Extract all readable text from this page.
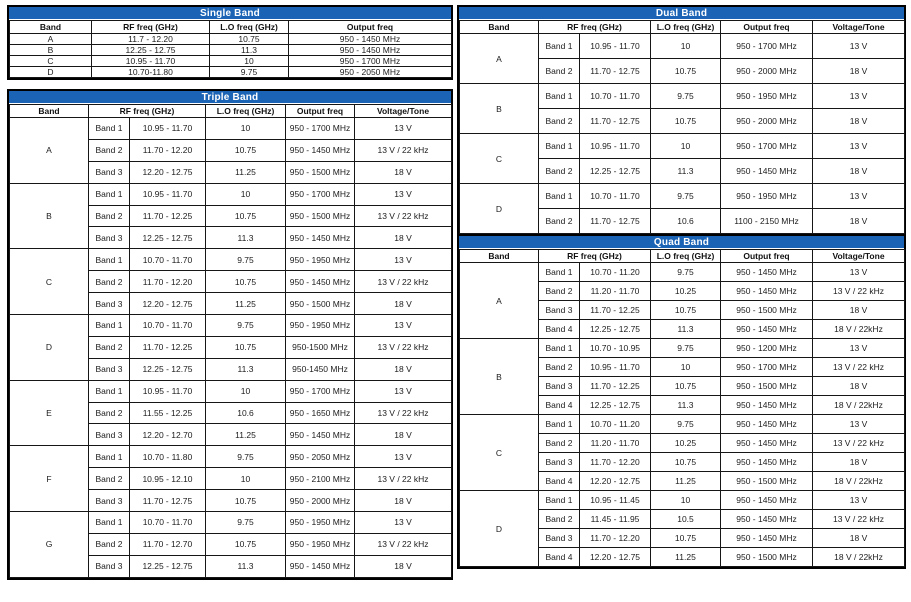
Single Band
Band	RF freq (GHz)	L.O freq (GHz)	Output freq
A	11.7 - 12.20	10.75	950 - 1450 MHz
B	12.25 - 12.75	11.3	950 - 1450 MHz
C	10.95 - 11.70	10	950 - 1700 MHz
D	10.70-11.80	9.75	950 - 2050 MHz
Triple Band
Band	RF freq (GHz)		L.O freq (GHz)	Output freq	Voltage/Tone
A	Band 1	10.95 - 11.70	10	950 - 1700 MHz	13 V
	Band 2	11.70 - 12.20	10.75	950 - 1450 MHz	13 V / 22 kHz
	Band 3	12.20 - 12.75	11.25	950 - 1500 MHz	18 V
B	Band 1	10.95 - 11.70	10	950 - 1700 MHz	13 V
	Band 2	11.70 - 12.25	10.75	950 - 1500 MHz	13 V / 22 kHz
	Band 3	12.25 - 12.75	11.3	950 - 1450 MHz	18 V
C	Band 1	10.70 - 11.70	9.75	950 - 1950 MHz	13 V
	Band 2	11.70 - 12.20	10.75	950 - 1450 MHz	13 V / 22 kHz
	Band 3	12.20 - 12.75	11.25	950 - 1500 MHz	18 V
D	Band 1	10.70 - 11.70	9.75	950 - 1950 MHz	13 V
	Band 2	11.70 - 12.25	10.75	950-1500 MHz	13 V / 22 kHz
	Band 3	12.25 - 12.75	11.3	950-1450 MHz	18 V
E	Band 1	10.95 - 11.70	10	950 - 1700 MHz	13 V
	Band 2	11.55 - 12.25	10.6	950 - 1650 MHz	13 V / 22 kHz
	Band 3	12.20 - 12.70	11.25	950 - 1450 MHz	18 V
F	Band 1	10.70 - 11.80	9.75	950 - 2050 MHz	13 V
	Band 2	10.95 - 12.10	10	950 - 2100 MHz	13 V / 22 kHz
	Band 3	11.70 - 12.75	10.75	950 - 2000 MHz	18 V
G	Band 1	10.70 - 11.70	9.75	950 - 1950 MHz	13 V
	Band 2	11.70 - 12.70	10.75	950 - 1950 MHz	13 V / 22 kHz
	Band 3	12.25 - 12.75	11.3	950 - 1450 MHz	18 V
Dual Band
Band	RF freq (GHz)		L.O freq (GHz)	Output freq	Voltage/Tone
A	Band 1	10.95 - 11.70	10	950 - 1700 MHz	13 V
	Band 2	11.70 - 12.75	10.75	950 - 2000 MHz	18 V
B	Band 1	10.70 - 11.70	9.75	950 - 1950 MHz	13 V
	Band 2	11.70 - 12.75	10.75	950 - 2000 MHz	18 V
C	Band 1	10.95 - 11.70	10	950 - 1700 MHz	13 V
	Band 2	12.25 - 12.75	11.3	950 - 1450 MHz	18 V
D	Band 1	10.70 - 11.70	9.75	950 - 1950 MHz	13 V
	Band 2	11.70 - 12.75	10.6	1100 - 2150 MHz	18 V
Quad Band
Band	RF freq (GHz)		L.O freq (GHz)	Output freq	Voltage/Tone
A	Band 1	10.70 - 11.20	9.75	950 - 1450 MHz	13 V
	Band 2	11.20 - 11.70	10.25	950 - 1450 MHz	13 V / 22 kHz
	Band 3	11.70 - 12.25	10.75	950 - 1500 MHz	18 V
	Band 4	12.25 - 12.75	11.3	950 - 1450 MHz	18 V / 22kHz
B	Band 1	10.70 - 10.95	9.75	950 - 1200 MHz	13 V
	Band 2	10.95 - 11.70	10	950 - 1700 MHz	13 V / 22 kHz
	Band 3	11.70 - 12.25	10.75	950 - 1500 MHz	18 V
	Band 4	12.25 - 12.75	11.3	950 - 1450 MHz	18 V / 22kHz
C	Band 1	10.70 - 11.20	9.75	950 - 1450 MHz	13 V
	Band 2	11.20 - 11.70	10.25	950 - 1450 MHz	13 V / 22 kHz
	Band 3	11.70 - 12.20	10.75	950 - 1450 MHz	18 V
	Band 4	12.20 - 12.75	11.25	950 - 1500 MHz	18 V / 22kHz
D	Band 1	10.95 - 11.45	10	950 - 1450 MHz	13 V
	Band 2	11.45 - 11.95	10.5	950 - 1450 MHz	13 V / 22 kHz
	Band 3	11.70 - 12.20	10.75	950 - 1450 MHz	18 V
	Band 4	12.20 - 12.75	11.25	950 - 1500 MHz	18 V / 22kHz
